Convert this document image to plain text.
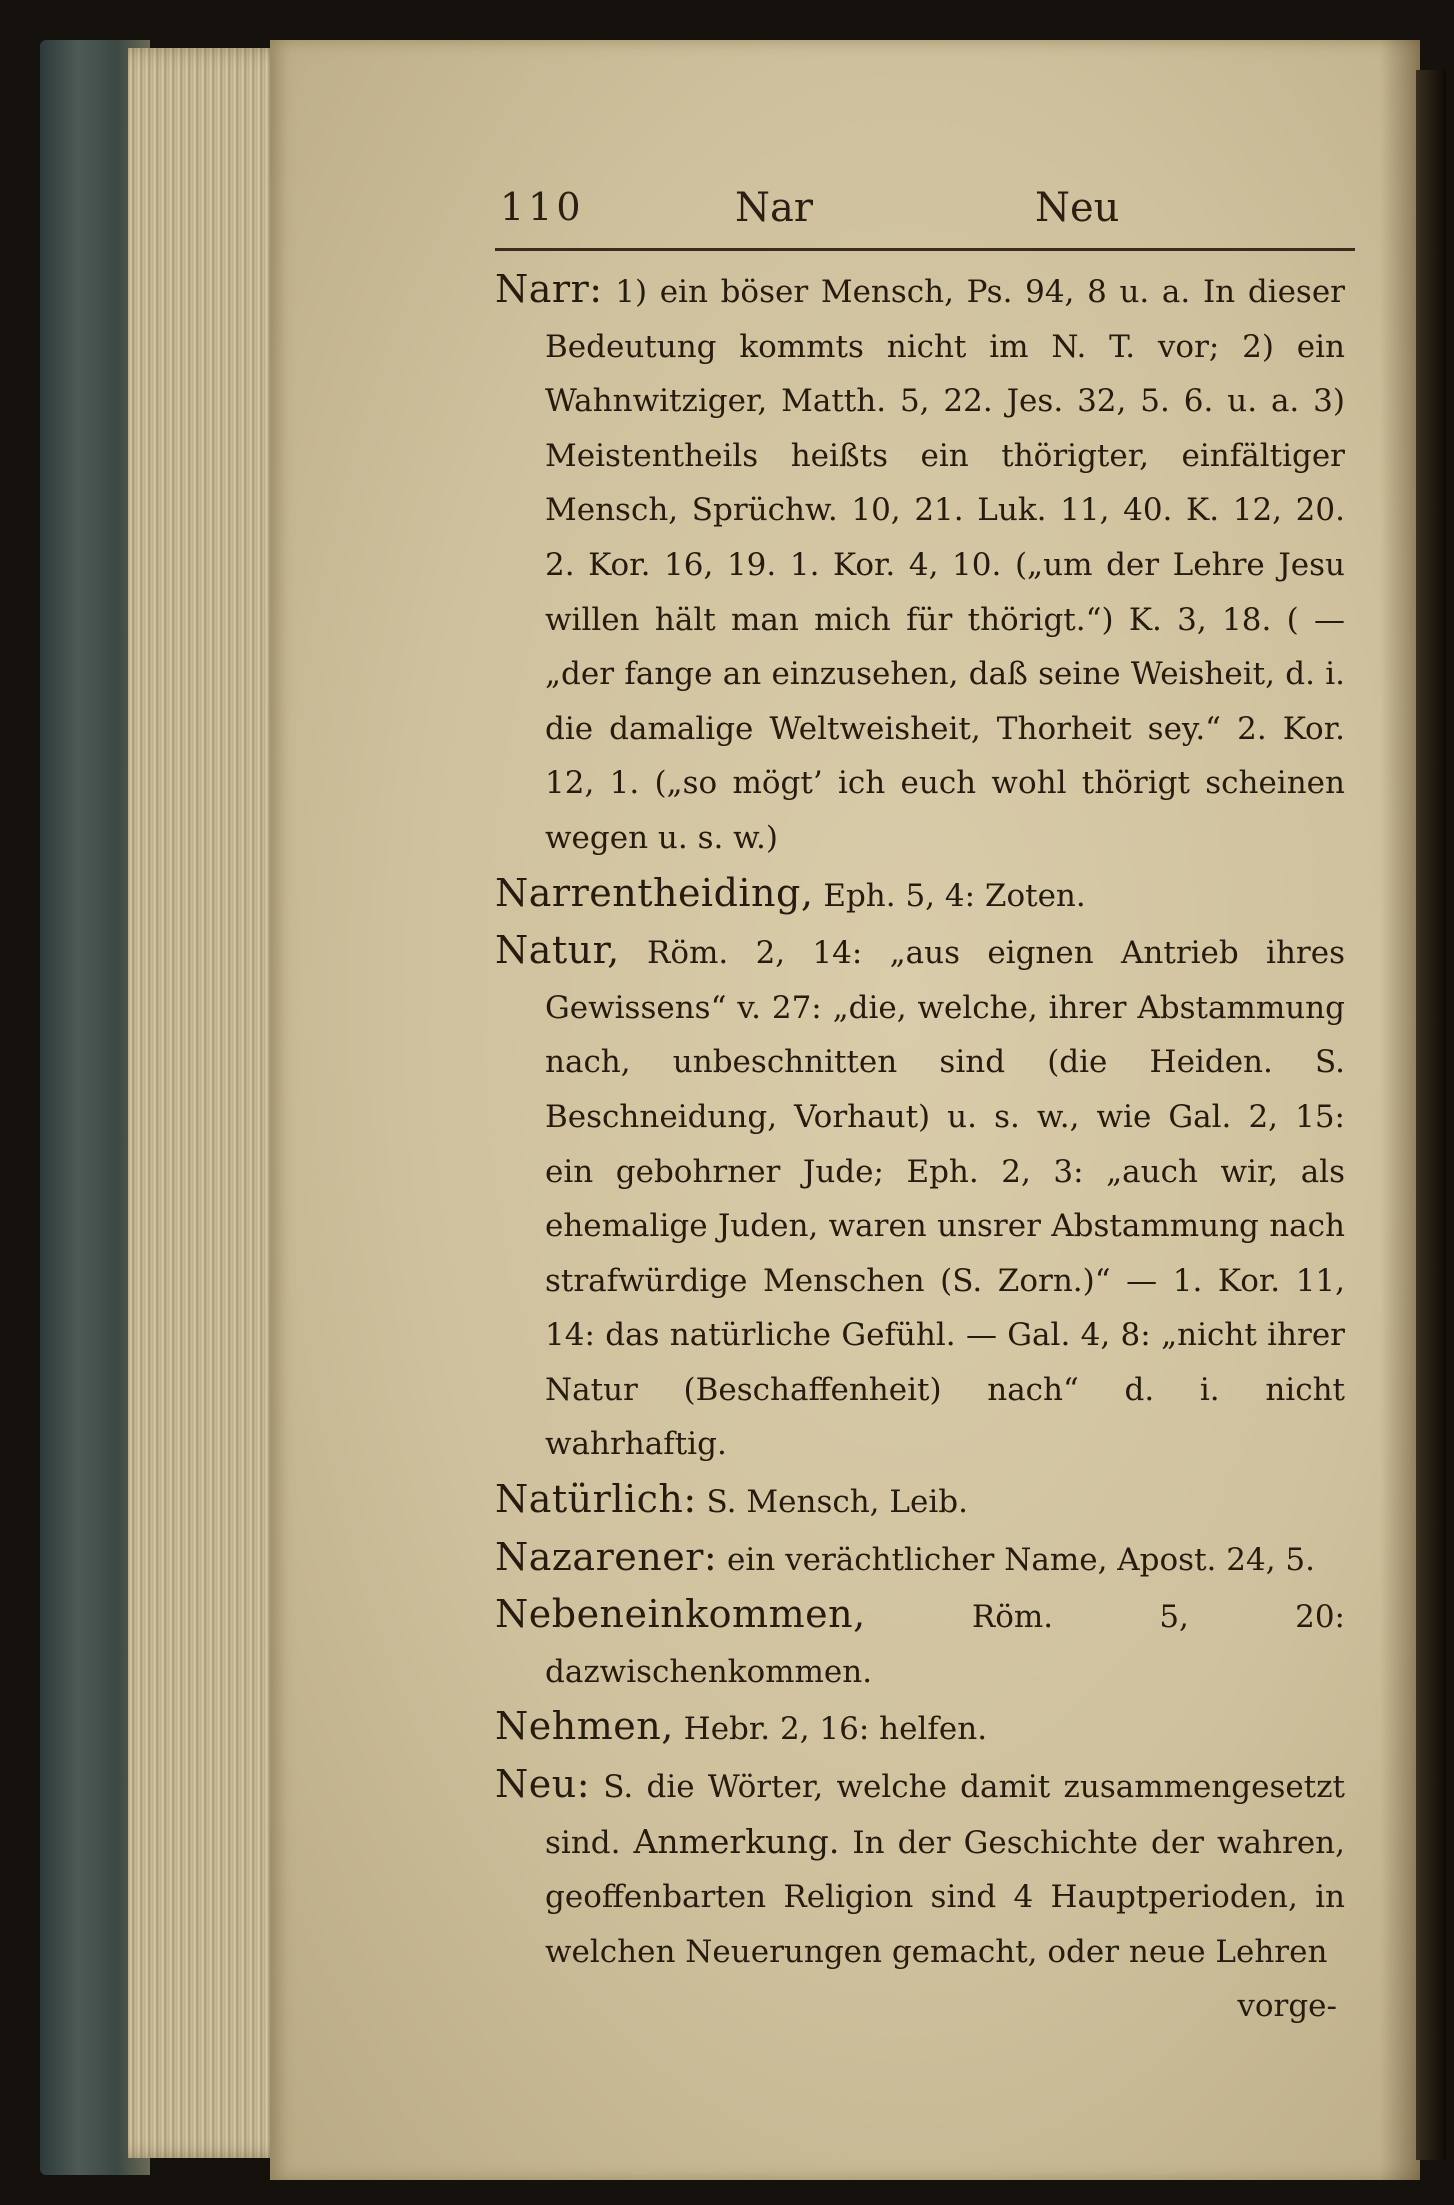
110	Nar	Neu

Narr: 1) ein böser Mensch, Ps. 94, 8 u. a. In dieser Bedeutung kommts nicht im N. T. vor; 2) ein Wahnwitziger, Matth. 5, 22. Jes. 32, 5. 6. u. a. 3) Meistentheils heißts ein thörigter, einfältiger Mensch, Sprüchw. 10, 21. Luk. 11, 40. K. 12, 20. 2. Kor. 16, 19. 1. Kor. 4, 10. („um der Lehre Jesu willen hält man mich für thörigt.“) K. 3, 18. ( — „der fange an einzusehen, daß seine Weisheit, d. i. die damalige Weltweisheit, Thorheit sey.“ 2. Kor. 12, 1. („so mögt’ ich euch wohl thörigt scheinen wegen u. s. w.)

Narrentheiding, Eph. 5, 4: Zoten.

Natur, Röm. 2, 14: „aus eignen Antrieb ihres Gewissens“ v. 27: „die, welche, ihrer Abstammung nach, unbeschnitten sind (die Heiden. S. Beschneidung, Vorhaut) u. s. w., wie Gal. 2, 15: ein gebohrner Jude; Eph. 2, 3: „auch wir, als ehemalige Juden, waren unsrer Abstammung nach strafwürdige Menschen (S. Zorn.)“ — 1. Kor. 11, 14: das natürliche Gefühl. — Gal. 4, 8: „nicht ihrer Natur (Beschaffenheit) nach“ d. i. nicht wahrhaftig.

Natürlich: S. Mensch, Leib.

Nazarener: ein verächtlicher Name, Apost. 24, 5.

Nebeneinkommen,	Röm. 5, 20: dazwischenkommen.

Nehmen, Hebr. 2, 16: helfen.

Neu: S. die Wörter, welche damit zusammengesetzt sind. Anmerkung. In der Geschichte der wahren, geoffenbarten Religion sind 4 Hauptperioden, in welchen Neuerungen gemacht, oder neue Lehren

vorge-
